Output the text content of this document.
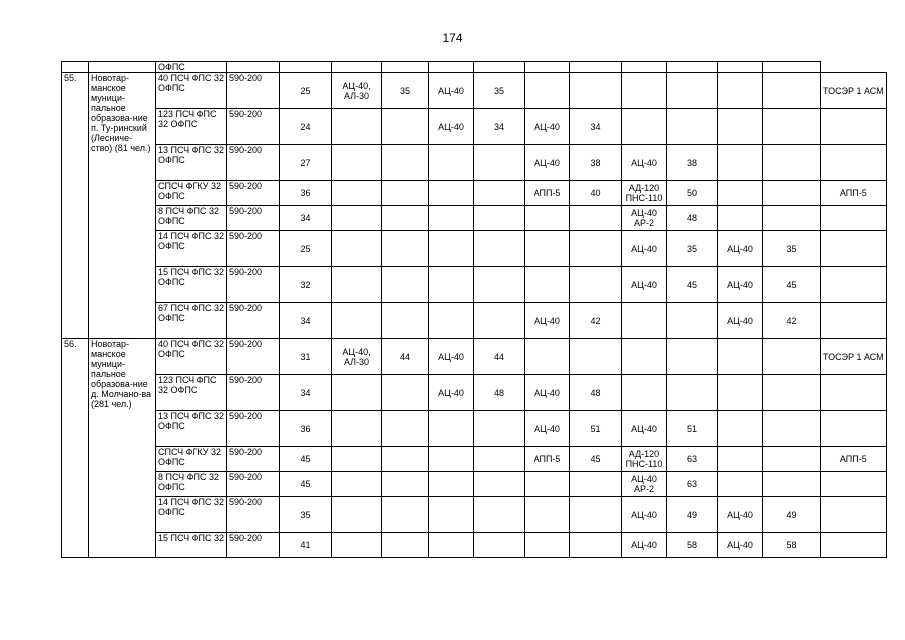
174
		ОФПС													
55.	Новотар-манское муници-пальное образова-ние п. Ту-ринский (Лесниче-ство) (81 чел.)	40 ПСЧ ФПС 32 ОФПС	590-200	25	АЦ-40, АЛ-30	35	АЦ-40	35							ТОСЭР 1 АСМ
		123 ПСЧ ФПС 32 ОФПС	590-200	24			АЦ-40	34	АЦ-40	34					
		13 ПСЧ ФПС 32 ОФПС	590-200	27					АЦ-40	38	АЦ-40	38			
		СПСЧ ФГКУ 32 ОФПС	590-200	36					АПП-5	40	АД-120 ПНС-110	50			АПП-5
		8 ПСЧ ФПС 32 ОФПС	590-200	34							АЦ-40 АР-2	48			
		14 ПСЧ ФПС 32 ОФПС	590-200	25							АЦ-40	35	АЦ-40	35	
		15 ПСЧ ФПС 32 ОФПС	590-200	32							АЦ-40	45	АЦ-40	45	
		67 ПСЧ ФПС 32 ОФПС	590-200	34					АЦ-40	42			АЦ-40	42	
56.	Новотар-манское муници-пальное образова-ние д. Молчано-ва (281 чел.)	40 ПСЧ ФПС 32 ОФПС	590-200	31	АЦ-40, АЛ-30	44	АЦ-40	44							ТОСЭР 1 АСМ
		123 ПСЧ ФПС 32 ОФПС	590-200	34			АЦ-40	48	АЦ-40	48					
		13 ПСЧ ФПС 32 ОФПС	590-200	36					АЦ-40	51	АЦ-40	51			
		СПСЧ ФГКУ 32 ОФПС	590-200	45					АПП-5	45	АД-120 ПНС-110	63			АПП-5
		8 ПСЧ ФПС 32 ОФПС	590-200	45							АЦ-40 АР-2	63			
		14 ПСЧ ФПС 32 ОФПС	590-200	35							АЦ-40	49	АЦ-40	49	
		15 ПСЧ ФПС 32	590-200	41							АЦ-40	58	АЦ-40	58	
